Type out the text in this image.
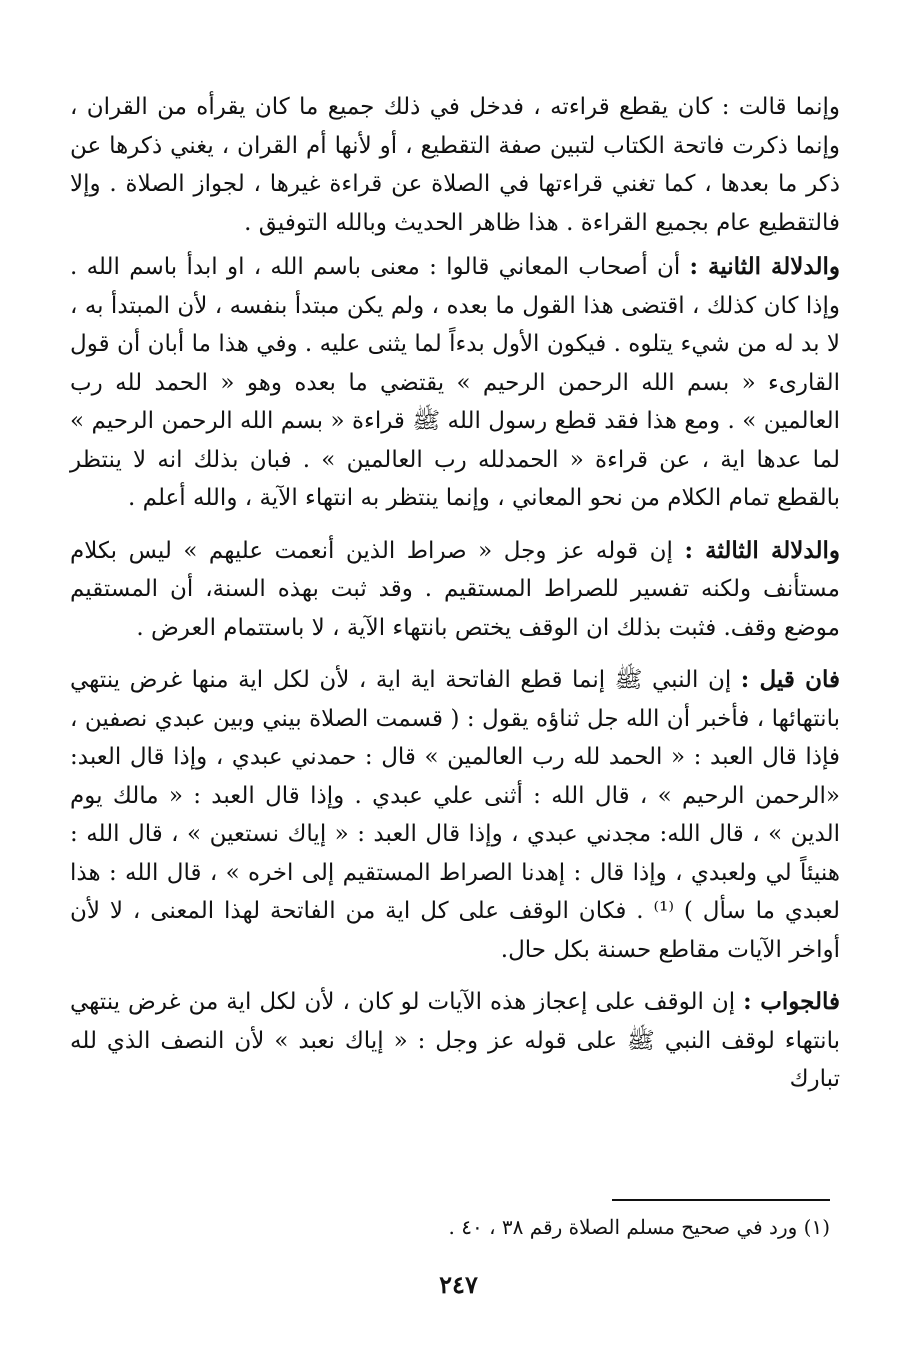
وإنما قالت : كان يقطع قراءته ، فدخل في ذلك جميع ما كان يقرأه من القران ، وإنما ذكرت فاتحة الكتاب لتبين صفة التقطيع ، أو لأنها أم القران ، يغني ذكرها عن ذكر ما بعدها ، كما تغني قراءتها في الصلاة عن قراءة غيرها ، لجواز الصلاة . وإلا فالتقطيع عام بجميع القراءة . هذا ظاهر الحديث وبالله التوفيق .

والدلالة الثانية : أن أصحاب المعاني قالوا : معنى باسم الله ، او ابدأ باسم الله . وإذا كان كذلك ، اقتضى هذا القول ما بعده ، ولم يكن مبتدأ بنفسه ، لأن المبتدأ به ، لا بد له من شيء يتلوه . فيكون الأول بدءاً لما يثنى عليه . وفي هذا ما أبان أن قول القارىء « بسم الله الرحمن الرحيم » يقتضي ما بعده وهو « الحمد لله رب العالمين » . ومع هذا فقد قطع رسول الله ﷺ قراءة « بسم الله الرحمن الرحيم » لما عدها اية ، عن قراءة « الحمدلله رب العالمين » . فبان بذلك انه لا ينتظر بالقطع تمام الكلام من نحو المعاني ، وإنما ينتظر به انتهاء الآية ، والله أعلم .

والدلالة الثالثة : إن قوله عز وجل « صراط الذين أنعمت عليهم » ليس بكلام مستأنف ولكنه تفسير للصراط المستقيم . وقد ثبت بهذه السنة، أن المستقيم موضع وقف. فثبت بذلك ان الوقف يختص بانتهاء الآية ، لا باستتمام العرض .

فان قيل : إن النبي ﷺ إنما قطع الفاتحة اية اية ، لأن لكل اية منها غرض ينتهي بانتهائها ، فأخبر أن الله جل ثناؤه يقول : ( قسمت الصلاة بيني وبين عبدي نصفين ، فإذا قال العبد : « الحمد لله رب العالمين » قال : حمدني عبدي ، وإذا قال العبد: «الرحمن الرحيم » ، قال الله : أثنى علي عبدي . وإذا قال العبد : « مالك يوم الدين » ، قال الله: مجدني عبدي ، وإذا قال العبد : « إياك نستعين » ، قال الله : هنيئاً لي ولعبدي ، وإذا قال : إهدنا الصراط المستقيم إلى اخره » ، قال الله : هذا لعبدي ما سأل ) ⁽¹⁾ . فكان الوقف على كل اية من الفاتحة لهذا المعنى ، لا لأن أواخر الآيات مقاطع حسنة بكل حال.

فالجواب : إن الوقف على إعجاز هذه الآيات لو كان ، لأن لكل اية من غرض ينتهي بانتهاء لوقف النبي ﷺ على قوله عز وجل : « إياك نعبد » لأن النصف الذي لله تبارك

(١) ورد في صحيح مسلم الصلاة رقم ٣٨ ، ٤٠ .
٢٤٧
